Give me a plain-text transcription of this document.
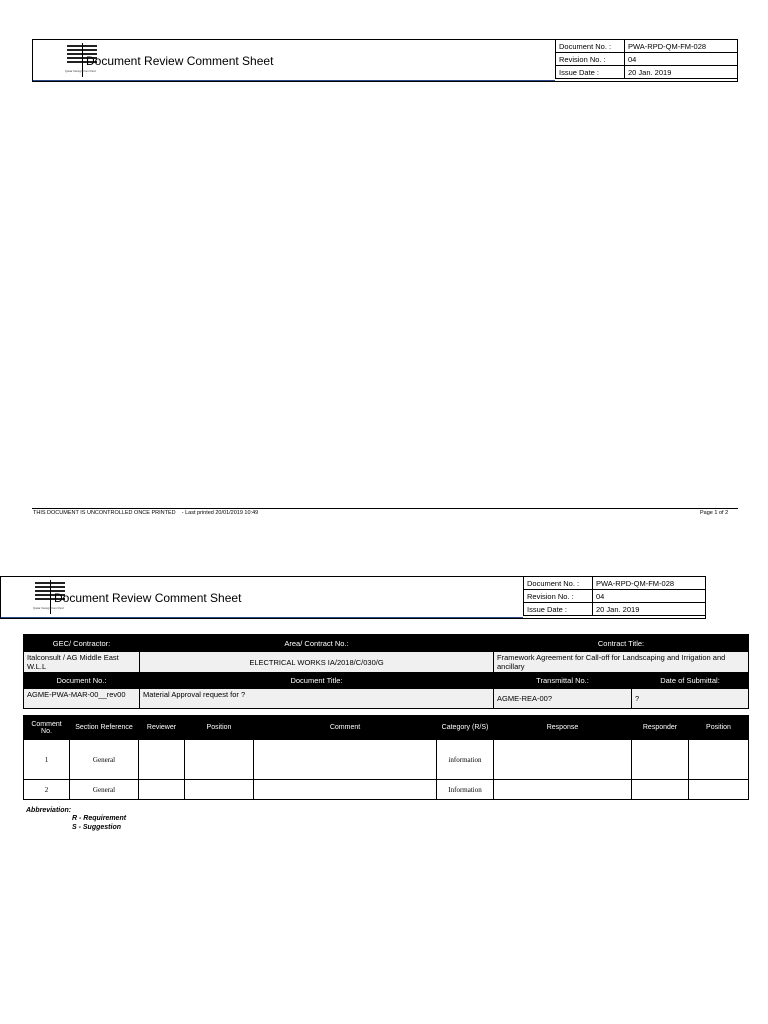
Qatar Design Fan Paid
Document Review Comment Sheet
Document No. :	PWA-RPD-QM-FM-028
Revision No. :	04
Issue Date :	20 Jan. 2019
THIS DOCUMENT IS UNCONTROLLED ONCE PRINTED - Last printed 20/01/2019 10:49	Page 1 of 2
Qatar Design Fan Paid
Document Review Comment Sheet
Document No. :	PWA-RPD-QM-FM-028
Revision No. :	04
Issue Date :	20 Jan. 2019
GEC/ Contractor:	Area/ Contract No.:	Contract Title:	
Italconsult / AG Middle East W.L.L	ELECTRICAL WORKS IA/2018/C/030/G	Framework Agreement for Call-off for Landscaping and Irrigation and ancillary	
Document No.:	Document Title:	Transmittal No.:	Date of Submittal:
AGME-PWA-MAR-00__rev00	Material Approval request for ?	AGME-REA-00?	?
Comment No.	Section Reference	Reviewer	Position	Comment	Category (R/S)	Response	Responder	Position
1	General				information			
2	General				Information			
Abbreviation:
R - Requirement
S - Suggestion
